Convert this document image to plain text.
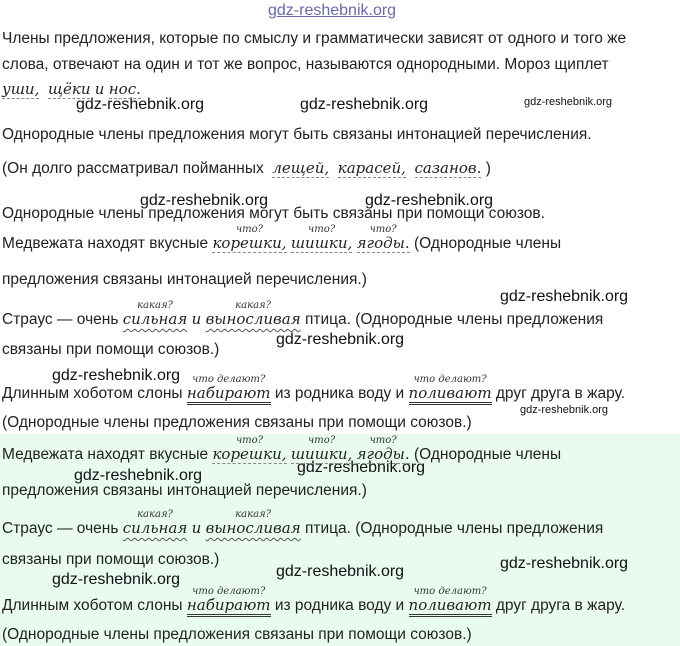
gdz-reshebnik.org
gdz-reshebnik.org	gdz-reshebnik.org	gdz-reshebnik.org
gdz-reshebnik.org	gdz-reshebnik.org
gdz-reshebnik.org
gdz-reshebnik.org
gdz-reshebnik.org
gdz-reshebnik.org
gdz-reshebnik.org	gdz-reshebnik.org
gdz-reshebnik.org
gdz-reshebnik.org
gdz-reshebnik.org
Члены предложения, которые по смыслу и грамматически зависят от одного и того же
слова, отвечают на один и тот же вопрос, называются однородными. Мороз щиплет
уши, щёки и нос.
Однородные члены предложения могут быть связаны интонацией перечисления.
(Он долго рассматривал пойманных лещей, карасей, сазанов. )
Однородные члены предложения могут быть связаны при помощи союзов.
Медвежата находят вкусные
что?
корешки,
что?
шишки,
что?
ягоды. (Однородные члены
предложения связаны интонацией перечисления.)
Страус — очень
какая?
сильная и
какая?
выносливая птица. (Однородные члены предложения
связаны при помощи союзов.)
Длинным хоботом слоны
что делают?
набирают из родника воду и
что делают?
поливают друг друга в жару.
(Однородные члены предложения связаны при помощи союзов.)
Медвежата находят вкусные
что?
корешки,
что?
шишки,
что?
ягоды. (Однородные члены
предложения связаны интонацией перечисления.)
Страус — очень
какая?
сильная и
какая?
выносливая птица. (Однородные члены предложения
связаны при помощи союзов.)
Длинным хоботом слоны
что делают?
набирают из родника воду и
что делают?
поливают друг друга в жару.
(Однородные члены предложения связаны при помощи союзов.)
